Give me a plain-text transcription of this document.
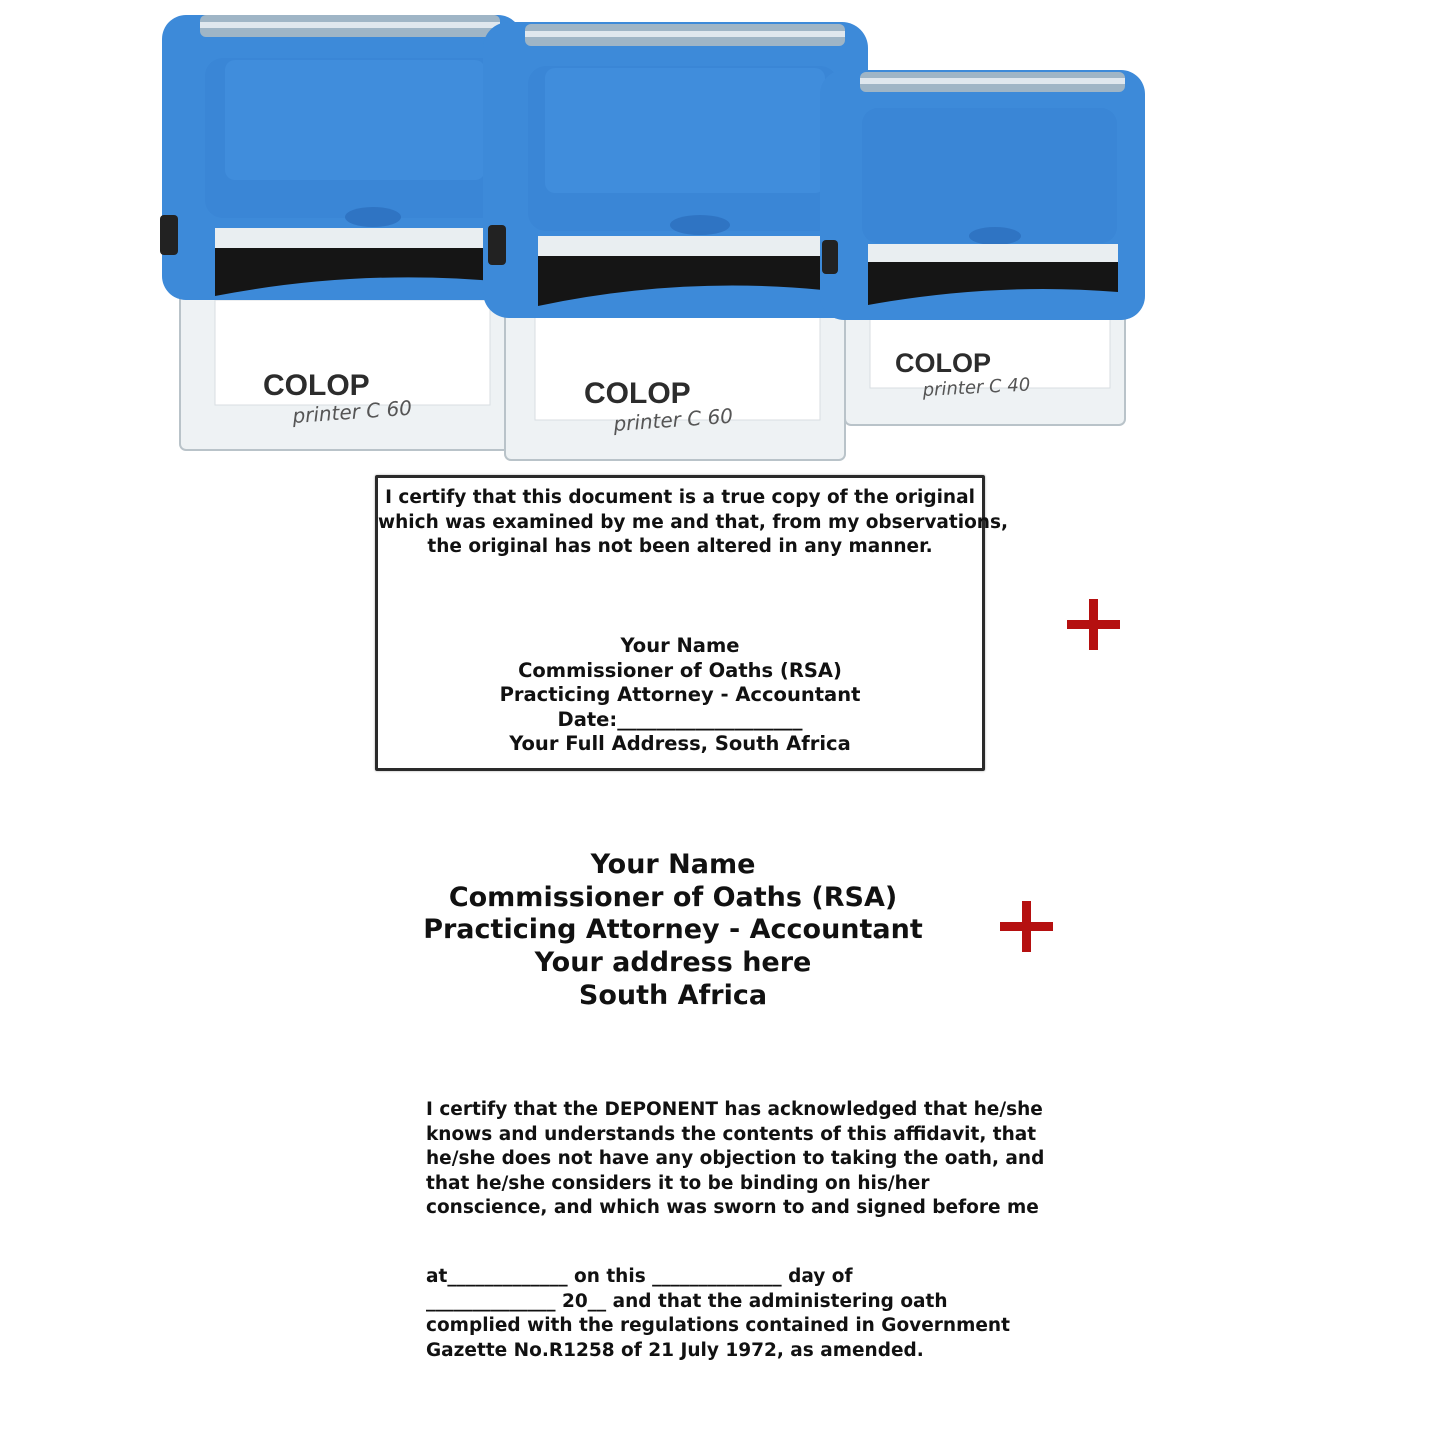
COLOP
printer C 60
COLOP
printer C 60
COLOP
printer C 40
I certify that this document is a true copy of the original
which was examined by me and that, from my observations,
the original has not been altered in any manner.
Your Name
Commissioner of Oaths (RSA)
Practicing Attorney - Accountant
Date:___________________
Your Full Address, South Africa
Your Name
Commissioner of Oaths (RSA)
Practicing Attorney - Accountant
Your address here
South Africa
I certify that the DEPONENT has acknowledged that he/she
knows and understands the contents of this affidavit, that
he/she does not have any objection to taking the oath, and
that he/she considers it to be binding on his/her
conscience, and which was sworn to and signed before me
at_____________ on this ______________ day of
______________ 20__ and that the administering oath
complied with the regulations contained in Government
Gazette No.R1258 of 21 July 1972, as amended.
